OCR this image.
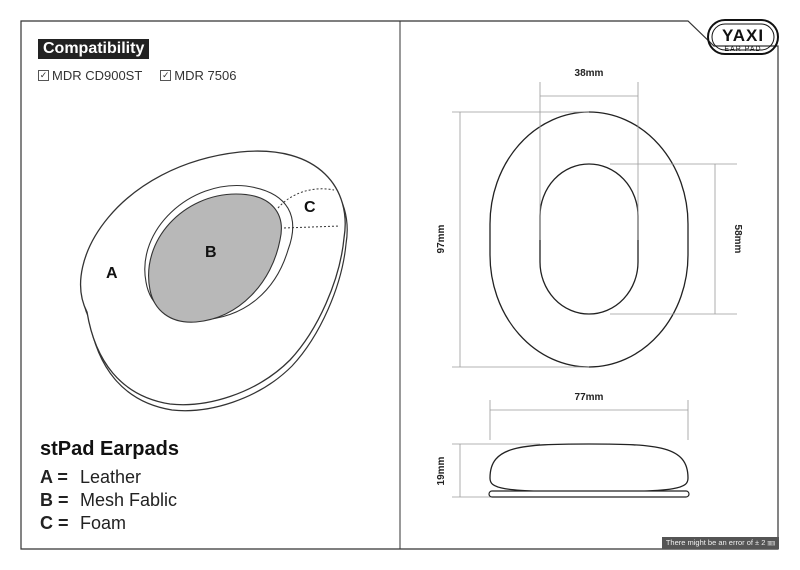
38mm
97mm	58mm
77mm
19mm
YAXI
EAR PAD
Compatibility
✓ MDR CD900ST ✓ MDR 7506
A
B
C
stPad Earpads
A = Leather
B = Mesh Fablic
C = Foam
There might be an error of ± 2 ㎜
